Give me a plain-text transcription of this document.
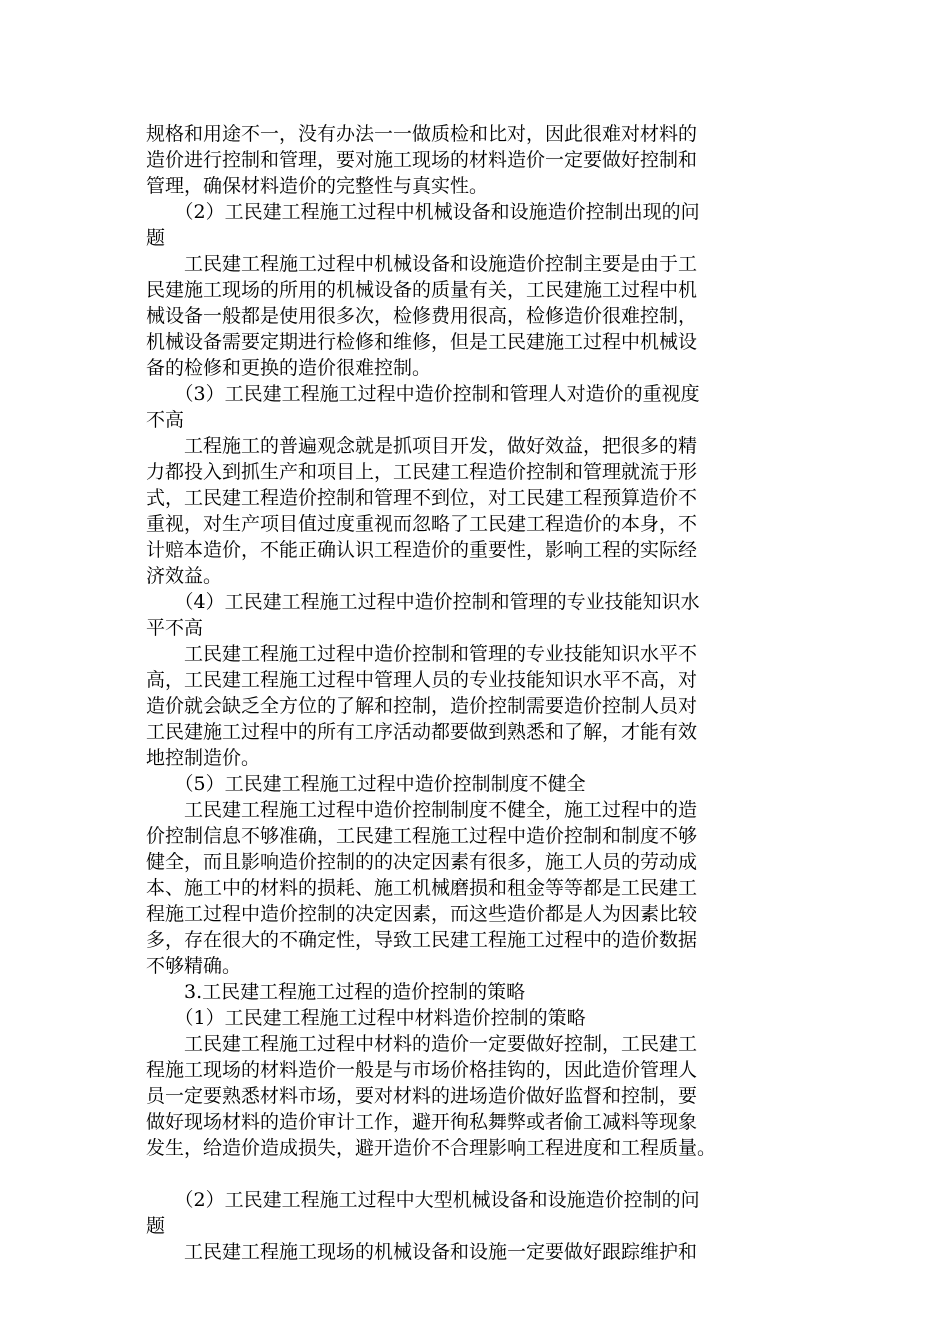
规格和用途不一，没有办法一一做质检和比对，因此很难对材料的
造价进行控制和管理，要对施工现场的材料造价一定要做好控制和
管理，确保材料造价的完整性与真实性。
　　（2）工民建工程施工过程中机械设备和设施造价控制出现的问
题
　　工民建工程施工过程中机械设备和设施造价控制主要是由于工
民建施工现场的所用的机械设备的质量有关，工民建施工过程中机
械设备一般都是使用很多次，检修费用很高，检修造价很难控制，
机械设备需要定期进行检修和维修，但是工民建施工过程中机械设
备的检修和更换的造价很难控制。
　　（3）工民建工程施工过程中造价控制和管理人对造价的重视度
不高
　　工程施工的普遍观念就是抓项目开发，做好效益，把很多的精
力都投入到抓生产和项目上，工民建工程造价控制和管理就流于形
式，工民建工程造价控制和管理不到位，对工民建工程预算造价不
重视，对生产项目值过度重视而忽略了工民建工程造价的本身，不
计赔本造价，不能正确认识工程造价的重要性，影响工程的实际经
济效益。
　　（4）工民建工程施工过程中造价控制和管理的专业技能知识水
平不高
　　工民建工程施工过程中造价控制和管理的专业技能知识水平不
高，工民建工程施工过程中管理人员的专业技能知识水平不高，对
造价就会缺乏全方位的了解和控制，造价控制需要造价控制人员对
工民建施工过程中的所有工序活动都要做到熟悉和了解，才能有效
地控制造价。
　　（5）工民建工程施工过程中造价控制制度不健全
　　工民建工程施工过程中造价控制制度不健全，施工过程中的造
价控制信息不够准确，工民建工程施工过程中造价控制和制度不够
健全，而且影响造价控制的的决定因素有很多，施工人员的劳动成
本、施工中的材料的损耗、施工机械磨损和租金等等都是工民建工
程施工过程中造价控制的决定因素，而这些造价都是人为因素比较
多，存在很大的不确定性，导致工民建工程施工过程中的造价数据
不够精确。
　　3.工民建工程施工过程的造价控制的策略
　　（1）工民建工程施工过程中材料造价控制的策略
　　工民建工程施工过程中材料的造价一定要做好控制，工民建工
程施工现场的材料造价一般是与市场价格挂钩的，因此造价管理人
员一定要熟悉材料市场，要对材料的进场造价做好监督和控制，要
做好现场材料的造价审计工作，避开徇私舞弊或者偷工减料等现象
发生，给造价造成损失，避开造价不合理影响工程进度和工程质量。
　　（2）工民建工程施工过程中大型机械设备和设施造价控制的问
题
　　工民建工程施工现场的机械设备和设施一定要做好跟踪维护和
